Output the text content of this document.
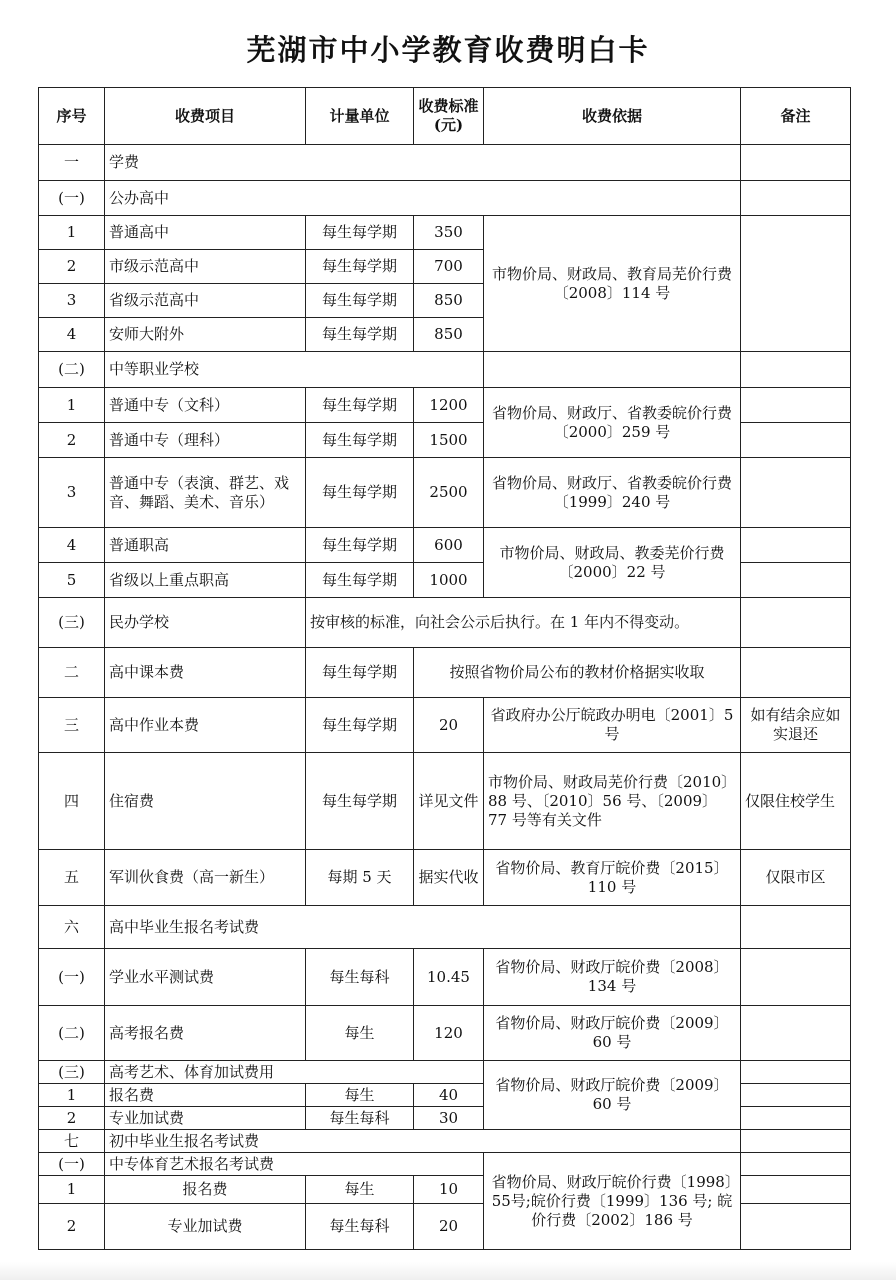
芜湖市中小学教育收费明白卡
序号	收费项目	计量单位	收费标准(元)	收费依据	备注
一	学费				
(一)	公办高中				
1	普通高中	每生每学期	350	市物价局、财政局、教育局芜价行费〔2008〕114 号	
2	市级示范高中	每生每学期	700		
3	省级示范高中	每生每学期	850		
4	安师大附外	每生每学期	850		
(二)	中等职业学校				
1	普通中专（文科）	每生每学期	1200	省物价局、财政厅、省教委皖价行费〔2000〕259 号	
2	普通中专（理科）	每生每学期	1500		
3	普通中专（表演、群艺、戏音、舞蹈、美术、音乐）	每生每学期	2500	省物价局、财政厅、省教委皖价行费〔1999〕240 号	
4	普通职高	每生每学期	600	市物价局、财政局、教委芜价行费〔2000〕22 号	
5	省级以上重点职高	每生每学期	1000		
(三)	民办学校	按审核的标准，向社会公示后执行。在 1 年内不得变动。			
二	高中课本费	每生每学期	按照省物价局公布的教材价格据实收取		
三	高中作业本费	每生每学期	20	省政府办公厅皖政办明电〔2001〕5 号	如有结余应如实退还
四	住宿费	每生每学期	详见文件	市物价局、财政局芜价行费〔2010〕88 号、〔2010〕56 号、〔2009〕77 号等有关文件	仅限住校学生
五	军训伙食费（高一新生）	每期 5 天	据实代收	省物价局、教育厅皖价费〔2015〕110 号	仅限市区
六	高中毕业生报名考试费				
(一)	学业水平测试费	每生每科	10.45	省物价局、财政厅皖价费〔2008〕134 号	
(二)	高考报名费	每生	120	省物价局、财政厅皖价费〔2009〕60 号	
(三)	高考艺术、体育加试费用			省物价局、财政厅皖价费〔2009〕60 号	
1	报名费	每生	40		
2	专业加试费	每生每科	30		
七	初中毕业生报名考试费				
(一)	中专体育艺术报名考试费			省物价局、财政厅皖价行费〔1998〕55号;皖价行费〔1999〕136 号; 皖价行费〔2002〕186 号	
1	报名费	每生	10		
2	专业加试费	每生每科	20		
